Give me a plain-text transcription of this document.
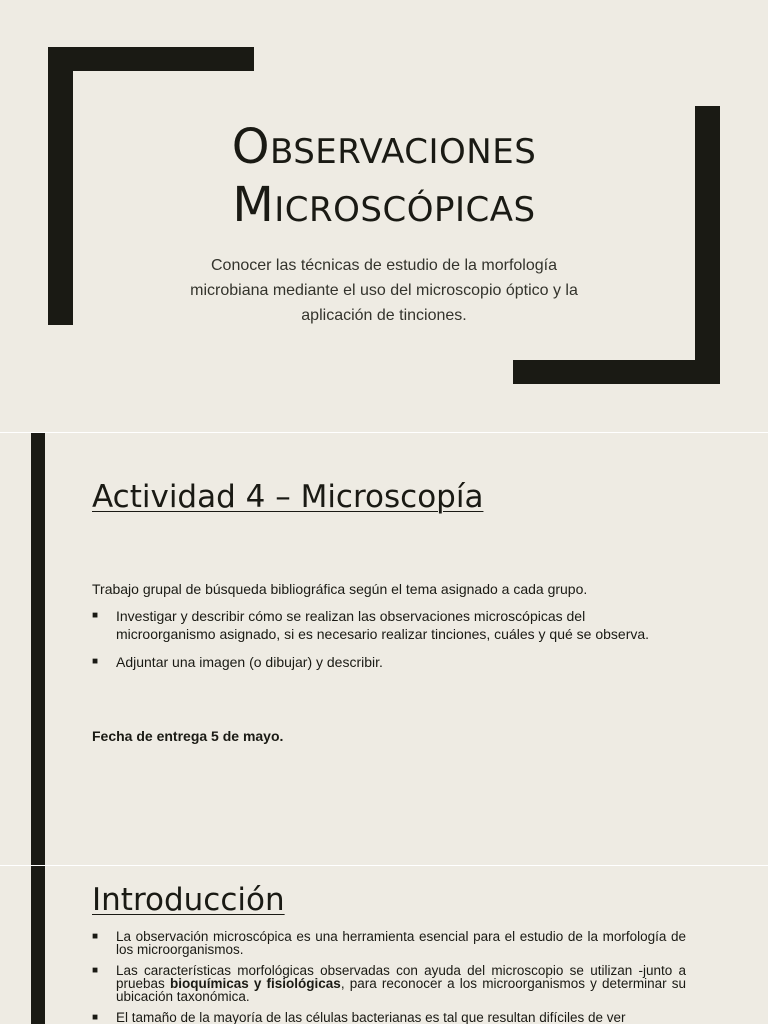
Observaciones
Microscópicas

Conocer las técnicas de estudio de la morfología microbiana mediante el uso del microscopio óptico y la aplicación de tinciones.

Actividad 4 – Microscopía

Trabajo grupal de búsqueda bibliográfica según el tema asignado a cada grupo.

■ Investigar y describir cómo se realizan las observaciones microscópicas del microorganismo asignado, si es necesario realizar tinciones, cuáles y qué se observa.
■ Adjuntar una imagen (o dibujar) y describir.

Fecha de entrega 5 de mayo.

Introducción
■ La observación microscópica es una herramienta esencial para el estudio de la morfología de los microorganismos.
■ Las características morfológicas observadas con ayuda del microscopio se utilizan -junto a pruebas bioquímicas y fisiológicas, para reconocer a los microorganismos y determinar su ubicación taxonómica.
■ El tamaño de la mayoría de las células bacterianas es tal que resultan difíciles de ver
